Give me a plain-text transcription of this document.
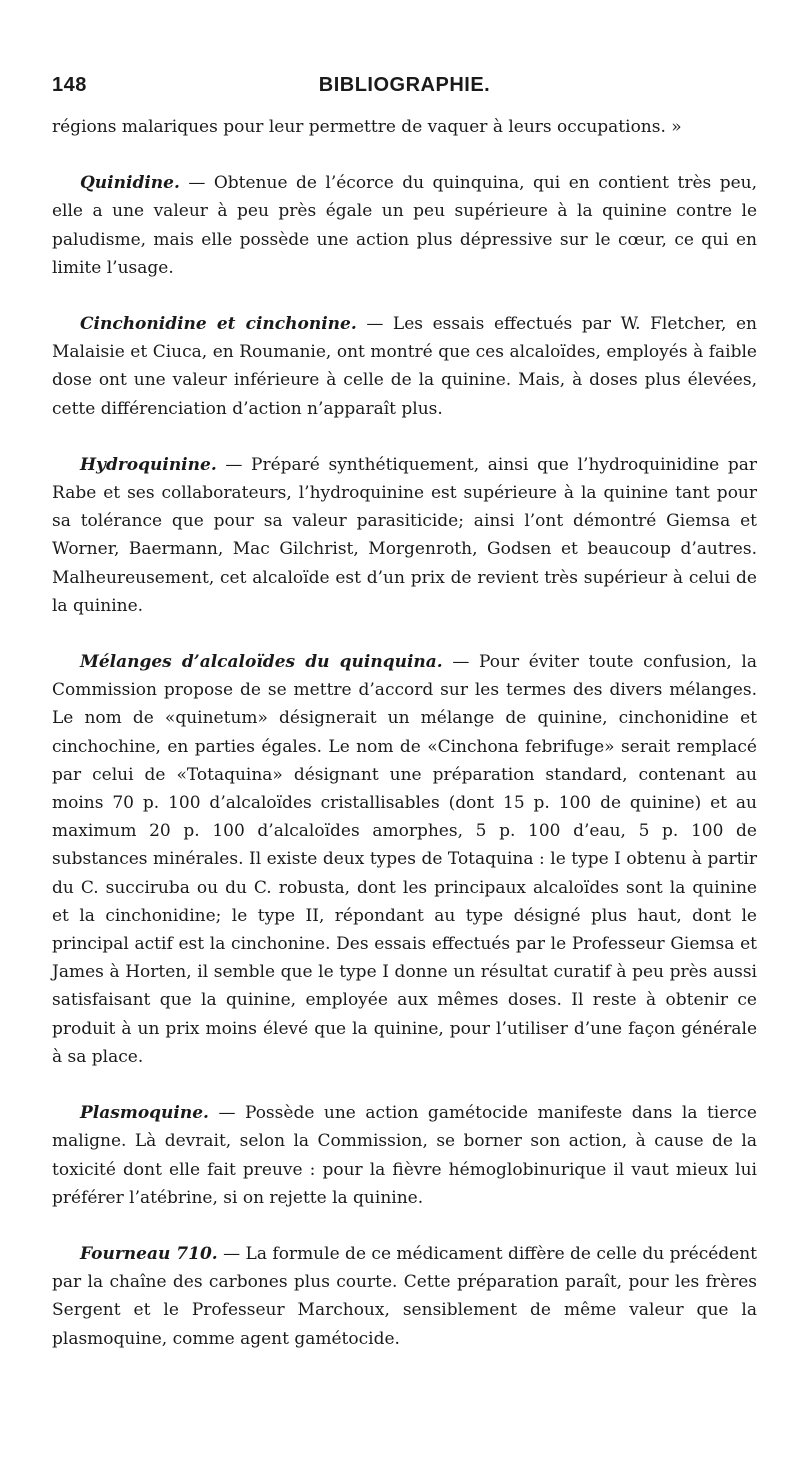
148	BIBLIOGRAPHIE.

régions malariques pour leur permettre de vaquer à leurs occupations. »

Quinidine. — Obtenue de l’écorce du quinquina, qui en contient très peu, elle a une valeur à peu près égale un peu supérieure à la quinine contre le paludisme, mais elle possède une action plus dépressive sur le cœur, ce qui en limite l’usage.

Cinchonidine et cinchonine. — Les essais effectués par W. Fletcher, en Malaisie et Ciuca, en Roumanie, ont montré que ces alcaloïdes, employés à faible dose ont une valeur inférieure à celle de la quinine. Mais, à doses plus élevées, cette différenciation d’action n’apparaît plus.

Hydroquinine. — Préparé synthétiquement, ainsi que l’hydroquinidine par Rabe et ses collaborateurs, l’hydroquinine est supérieure à la quinine tant pour sa tolérance que pour sa valeur parasiticide; ainsi l’ont démontré Giemsa et Worner, Baermann, Mac Gilchrist, Morgenroth, Godsen et beaucoup d’autres. Malheureusement, cet alcaloïde est d’un prix de revient très supérieur à celui de la quinine.

Mélanges d’alcaloïdes du quinquina. — Pour éviter toute confusion, la Commission propose de se mettre d’accord sur les termes des divers mélanges. Le nom de «quinetum» désignerait un mélange de quinine, cinchonidine et cinchochine, en parties égales. Le nom de «Cinchona febrifuge» serait remplacé par celui de «Totaquina» désignant une préparation standard, contenant au moins 70 p. 100 d’alcaloïdes cristallisables (dont 15 p. 100 de quinine) et au maximum 20 p. 100 d’alcaloïdes amorphes, 5 p. 100 d’eau, 5 p. 100 de substances minérales. Il existe deux types de Totaquina : le type I obtenu à partir du C. succiruba ou du C. robusta, dont les principaux alcaloïdes sont la quinine et la cinchonidine; le type II, répondant au type désigné plus haut, dont le principal actif est la cinchonine. Des essais effectués par le Professeur Giemsa et James à Horten, il semble que le type I donne un résultat curatif à peu près aussi satisfaisant que la quinine, employée aux mêmes doses. Il reste à obtenir ce produit à un prix moins élevé que la quinine, pour l’utiliser d’une façon générale à sa place.

Plasmoquine. — Possède une action gamétocide manifeste dans la tierce maligne. Là devrait, selon la Commission, se borner son action, à cause de la toxicité dont elle fait preuve : pour la fièvre hémoglobinurique il vaut mieux lui préférer l’atébrine, si on rejette la quinine.

Fourneau 710. — La formule de ce médicament diffère de celle du précédent par la chaîne des carbones plus courte. Cette préparation paraît, pour les frères Sergent et le Professeur Marchoux, sensiblement de même valeur que la plasmoquine, comme agent gamétocide.
